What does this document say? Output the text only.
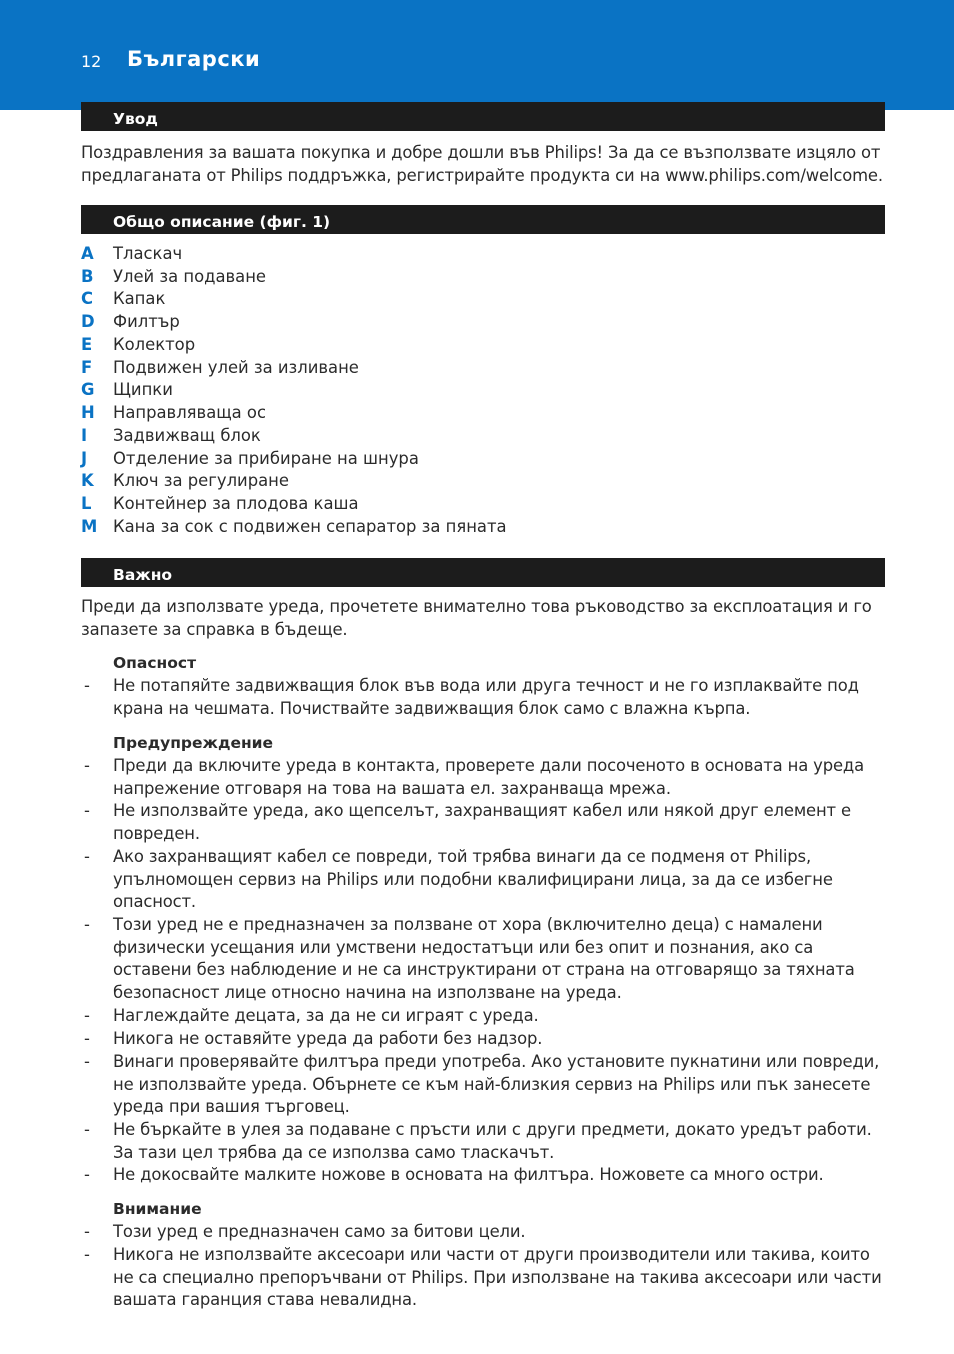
12 Български
Увод

Поздравления за вашата покупка и добре дошли във Philips! За да се възползвате изцяло от предлаганата от Philips поддръжка, регистрирайте продукта си на www.philips.com/welcome.

Общо описание (фиг. 1)
A Тласкач
B Улей за подаване
C Капак
D Филтър
E Колектор
F Подвижен улей за изливане
G Щипки
H Направляваща ос
I Задвижващ блок
J Отделение за прибиране на шнура
K Ключ за регулиране
L Контейнер за плодова каша
M Кана за сок с подвижен сепаратор за пяната
Важно

Преди да използвате уреда, прочетете внимателно това ръководство за експлоатация и го запазете за справка в бъдеще.

Опасност
- Не потапяйте задвижващия блок във вода или друга течност и не го изплаквайте под крана на чешмата. Почиствайте задвижващия блок само с влажна кърпа.
Предупреждение
- Преди да включите уреда в контакта, проверете дали посоченото в основата на уреда напрежение отговаря на това на вашата ел. захранваща мрежа.
- Не използвайте уреда, ако щепселът, захранващият кабел или някой друг елемент е повреден.
- Ако захранващият кабел се повреди, той трябва винаги да се подменя от Philips, упълномощен сервиз на Philips или подобни квалифицирани лица, за да се избегне опасност.
- Този уред не е предназначен за ползване от хора (включително деца) с намалени физически усещания или умствени недостатъци или без опит и познания, ако са оставени без наблюдение и не са инструктирани от страна на отговарящо за тяхната безопасност лице относно начина на използване на уреда.
- Наглеждайте децата, за да не си играят с уреда.
- Никога не оставяйте уреда да работи без надзор.
- Винаги проверявайте филтъра преди употреба. Ако установите пукнатини или повреди, не използвайте уреда. Обърнете се към най-близкия сервиз на Philips или пък занесете уреда при вашия търговец.
- Не бъркайте в улея за подаване с пръсти или с други предмети, докато уредът работи. За тази цел трябва да се използва само тласкачът.
- Не докосвайте малките ножове в основата на филтъра. Ножовете са много остри.
Внимание
- Този уред е предназначен само за битови цели.
- Никога не използвайте аксесоари или части от други производители или такива, които не са специално препоръчвани от Philips. При използване на такива аксесоари или части вашата гаранция става невалидна.
